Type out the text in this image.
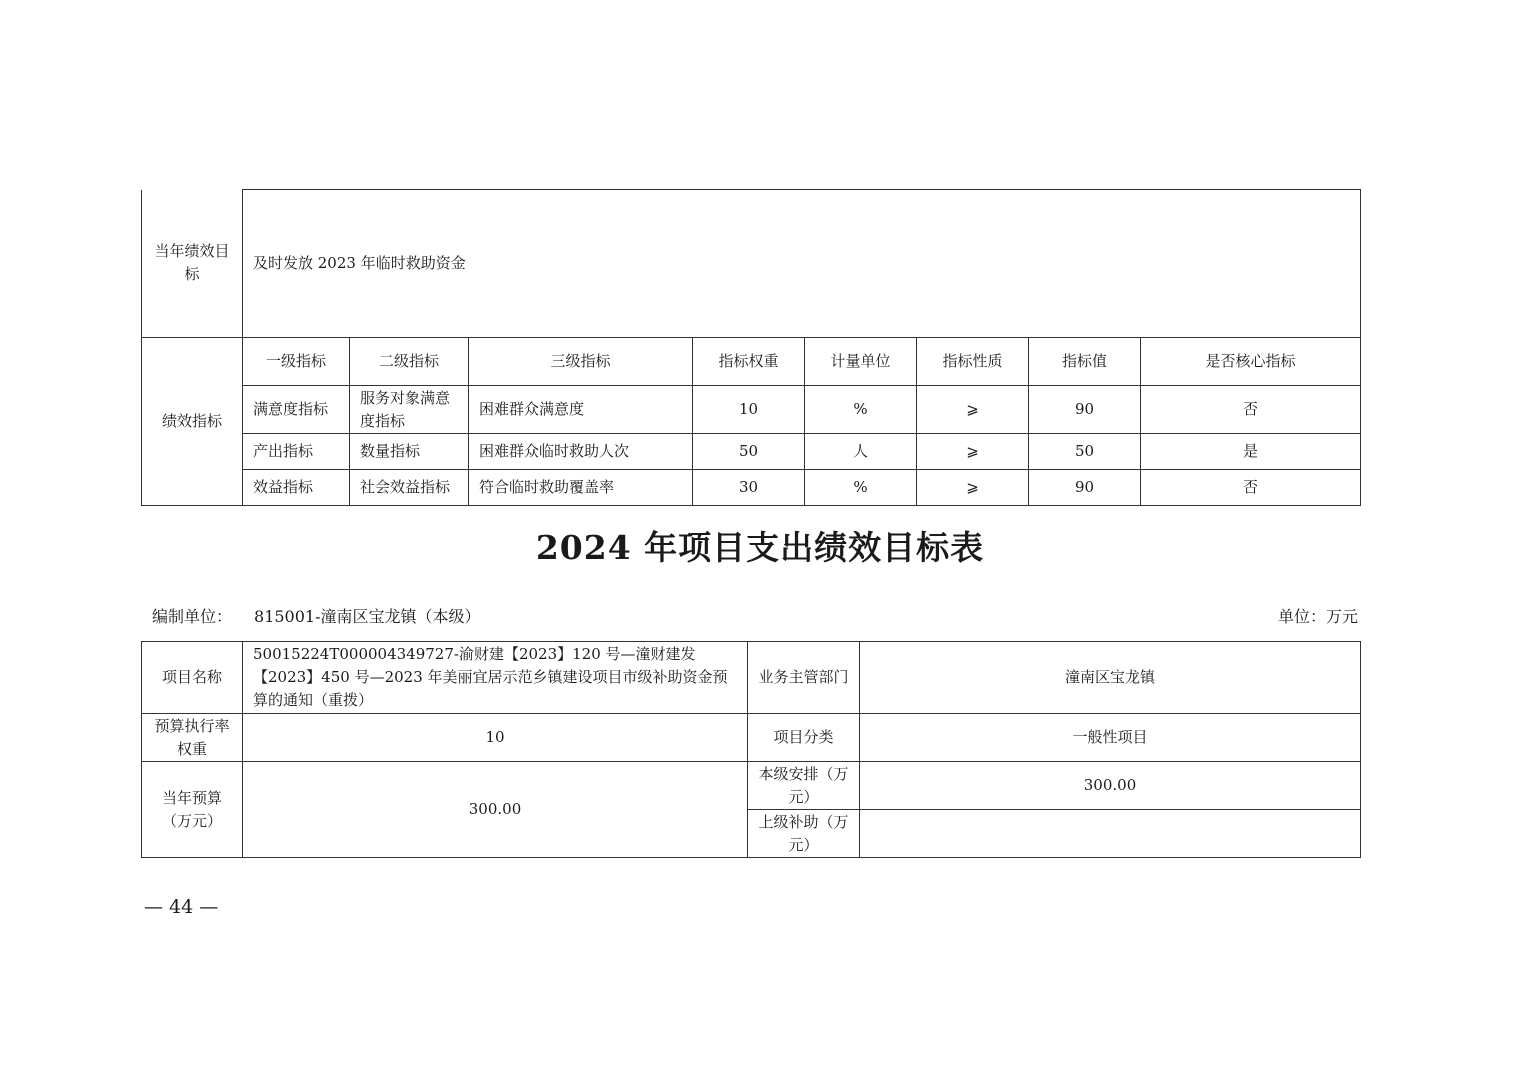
当年绩效目标	及时发放 2023 年临时救助资金							
绩效指标	一级指标	二级指标	三级指标	指标权重	计量单位	指标性质	指标值	是否核心指标
	满意度指标	服务对象满意度指标	困难群众满意度	10	%	⩾	90	否
	产出指标	数量指标	困难群众临时救助人次	50	人	⩾	50	是
	效益指标	社会效益指标	符合临时救助覆盖率	30	%	⩾	90	否
2024 年项目支出绩效目标表
编制单位： 815001-潼南区宝龙镇（本级）	单位：万元
项目名称	50015224T000004349727-渝财建【2023】120 号—潼财建发【2023】450 号—2023 年美丽宜居示范乡镇建设项目市级补助资金预算的通知（重拨）	业务主管部门	潼南区宝龙镇
预算执行率权重	10	项目分类	一般性项目
当年预算（万元）	300.00	本级安排（万元）	300.00
		上级补助（万元）	
— 44 —
